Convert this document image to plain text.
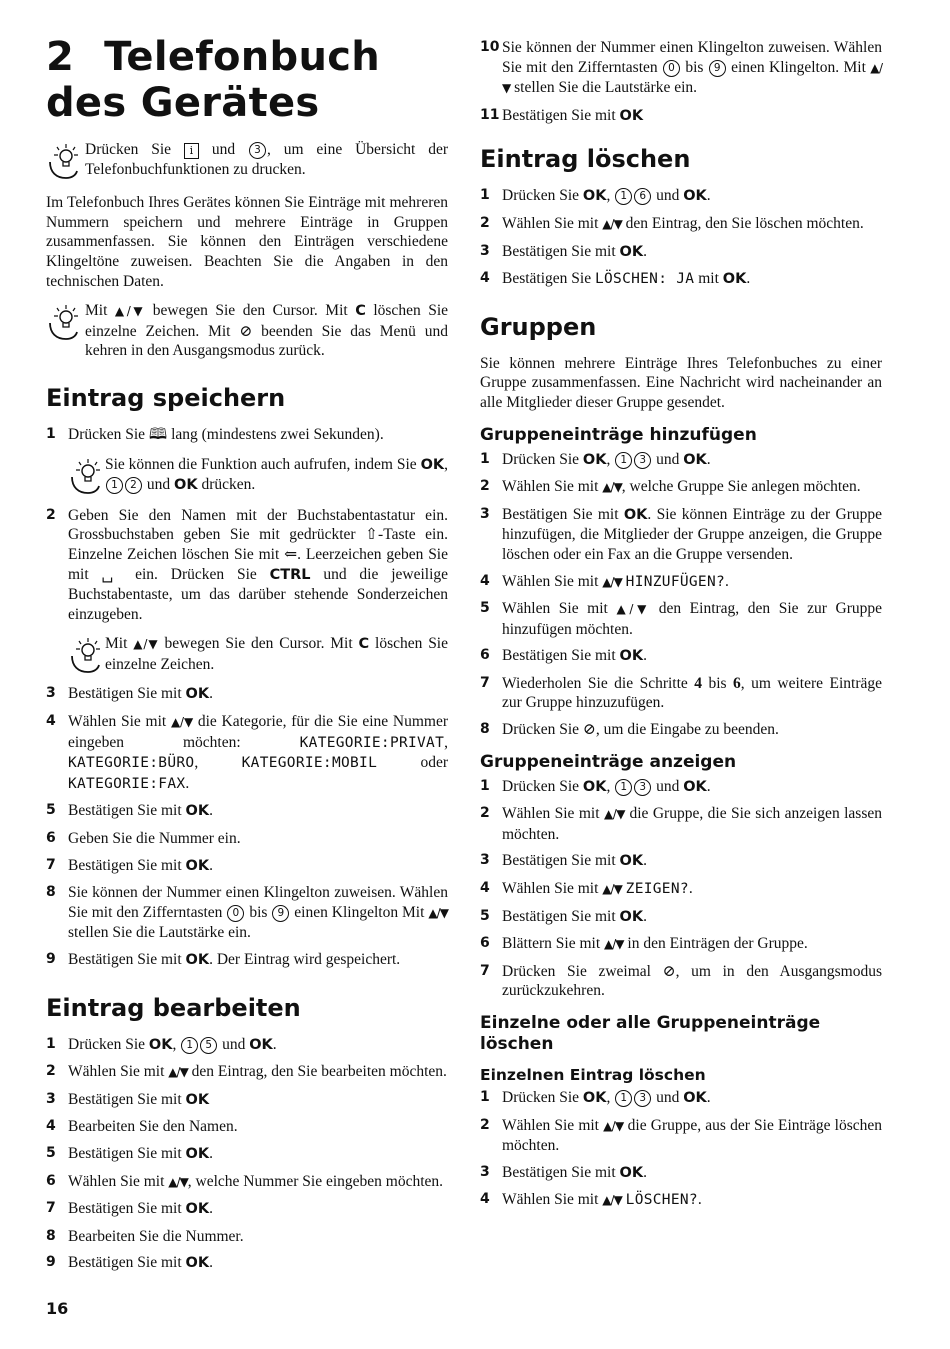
2 Telefonbuch des Gerätes
Drücken Sie i und 3 , um eine Übersicht der Telefonbuchfunktionen zu drucken.

Im Telefonbuch Ihres Gerätes können Sie Einträge mit mehreren Nummern speichern und mehrere Einträge in Gruppen zusammenfassen. Sie können den Einträgen verschiedene Klingeltöne zuweisen. Beachten Sie die Angaben in den technischen Daten.

Mit ▲/▼ bewegen Sie den Cursor. Mit C löschen Sie einzelne Zeichen. Mit ⊘ beenden Sie das Menü und kehren in den Ausgangsmodus zurück.
Eintrag speichern
1 Drücken Sie 🕮 lang (mindestens zwei Sekunden).
Sie können die Funktion auch aufrufen, indem Sie OK, 1 2 und OK drücken.
2 Geben Sie den Namen mit der Buchstabentastatur ein. Grossbuchstaben geben Sie mit gedrückter ⇧-Taste ein. Einzelne Zeichen löschen Sie mit ⇐. Leerzeichen geben Sie mit ␣ ein. Drücken Sie CTRL und die jeweilige Buchstabentaste, um das darüber stehende Sonderzeichen einzugeben.
Mit ▲/▼ bewegen Sie den Cursor. Mit C löschen Sie einzelne Zeichen.
3 Bestätigen Sie mit OK.
4 Wählen Sie mit ▲/▼ die Kategorie, für die Sie eine Nummer eingeben möchten: KATEGORIE:PRIVAT, KATEGORIE:BÜRO, KATEGORIE:MOBIL oder KATEGORIE:FAX.
5 Bestätigen Sie mit OK.
6 Geben Sie die Nummer ein.
7 Bestätigen Sie mit OK.
8 Sie können der Nummer einen Klingelton zuweisen. Wählen Sie mit den Zifferntasten 0 bis 9 einen Klingelton Mit ▲/▼ stellen Sie die Lautstärke ein.
9 Bestätigen Sie mit OK. Der Eintrag wird gespeichert.
Eintrag bearbeiten
1 Drücken Sie OK, 1 5 und OK.
2 Wählen Sie mit ▲/▼ den Eintrag, den Sie bearbeiten möchten.
3 Bestätigen Sie mit OK
4 Bearbeiten Sie den Namen.
5 Bestätigen Sie mit OK.
6 Wählen Sie mit ▲/▼, welche Nummer Sie eingeben möchten.
7 Bestätigen Sie mit OK.
8 Bearbeiten Sie die Nummer.
9 Bestätigen Sie mit OK.
10 Sie können der Nummer einen Klingelton zuweisen. Wählen Sie mit den Zifferntasten 0 bis 9 einen Klingelton. Mit ▲/▼ stellen Sie die Lautstärke ein.
11 Bestätigen Sie mit OK
Eintrag löschen
1 Drücken Sie OK, 1 6 und OK.
2 Wählen Sie mit ▲/▼ den Eintrag, den Sie löschen möchten.
3 Bestätigen Sie mit OK.
4 Bestätigen Sie LÖSCHEN: JA mit OK.
Gruppen

Sie können mehrere Einträge Ihres Telefonbuches zu einer Gruppe zusammenfassen. Eine Nachricht wird nacheinander an alle Mitglieder dieser Gruppe gesendet.

Gruppeneinträge hinzufügen
1 Drücken Sie OK, 1 3 und OK.
2 Wählen Sie mit ▲/▼, welche Gruppe Sie anlegen möchten.
3 Bestätigen Sie mit OK. Sie können Einträge zu der Gruppe hinzufügen, die Mitglieder der Gruppe anzeigen, die Gruppe löschen oder ein Fax an die Gruppe versenden.
4 Wählen Sie mit ▲/▼ HINZUFÜGEN?.
5 Wählen Sie mit ▲/▼ den Eintrag, den Sie zur Gruppe hinzufügen möchten.
6 Bestätigen Sie mit OK.
7 Wiederholen Sie die Schritte 4 bis 6, um weitere Einträge zur Gruppe hinzuzufügen.
8 Drücken Sie ⊘, um die Eingabe zu beenden.
Gruppeneinträge anzeigen
1 Drücken Sie OK, 1 3 und OK.
2 Wählen Sie mit ▲/▼ die Gruppe, die Sie sich anzeigen lassen möchten.
3 Bestätigen Sie mit OK.
4 Wählen Sie mit ▲/▼ ZEIGEN?.
5 Bestätigen Sie mit OK.
6 Blättern Sie mit ▲/▼ in den Einträgen der Gruppe.
7 Drücken Sie zweimal ⊘, um in den Ausgangsmodus zurückzukehren.
Einzelne oder alle Gruppeneinträge löschen
Einzelnen Eintrag löschen
1 Drücken Sie OK, 1 3 und OK.
2 Wählen Sie mit ▲/▼ die Gruppe, aus der Sie Einträge löschen möchten.
3 Bestätigen Sie mit OK.
4 Wählen Sie mit ▲/▼ LÖSCHEN?.
16
